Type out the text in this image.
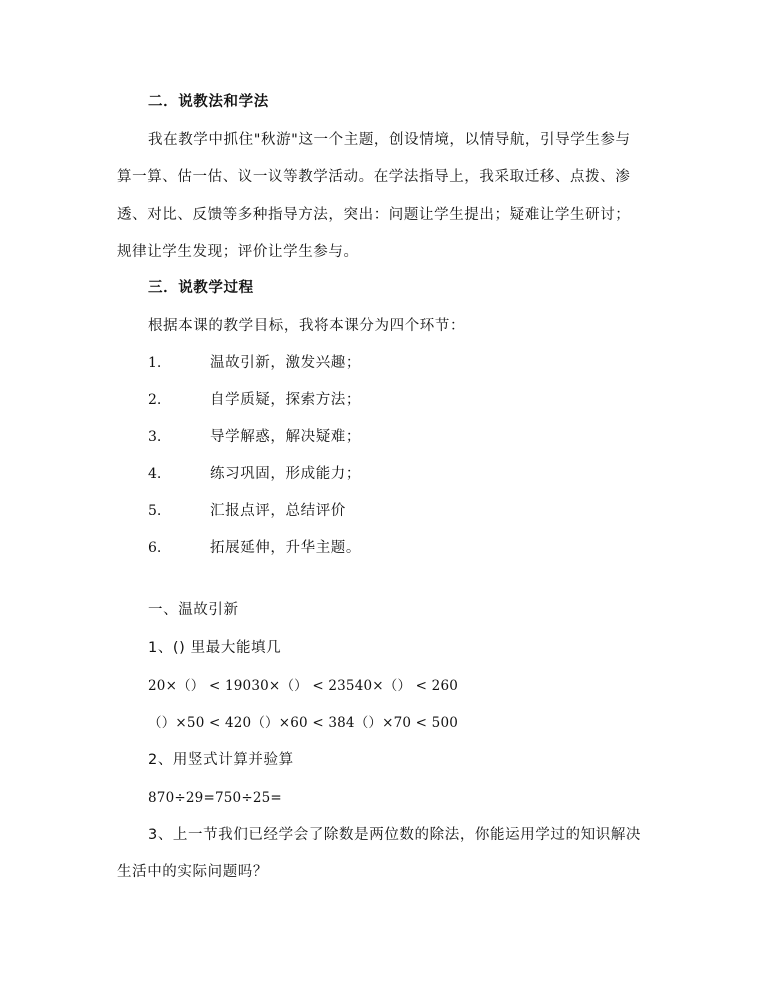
二．说教法和学法
我在教学中抓住"秋游"这一个主题，创设情境，以情导航，引导学生参与
算一算、估一估、议一议等教学活动。在学法指导上，我采取迁移、点拨、渗
透、对比、反馈等多种指导方法，突出：问题让学生提出；疑难让学生研讨；
规律让学生发现；评价让学生参与。
三．说教学过程
根据本课的教学目标，我将本课分为四个环节：
1.	温故引新，激发兴趣；
2.	自学质疑，探索方法；
3.	导学解惑，解决疑难；
4.	练习巩固，形成能力；
5.	汇报点评，总结评价
6.	拓展延伸，升华主题。
一、温故引新
1、() 里最大能填几
20×（） < 19030×（） < 23540×（） < 260
（）×50 < 420（）×60 < 384（）×70 < 500
2、用竖式计算并验算
870÷29=750÷25=
3、上一节我们已经学会了除数是两位数的除法，你能运用学过的知识解决
生活中的实际问题吗？
